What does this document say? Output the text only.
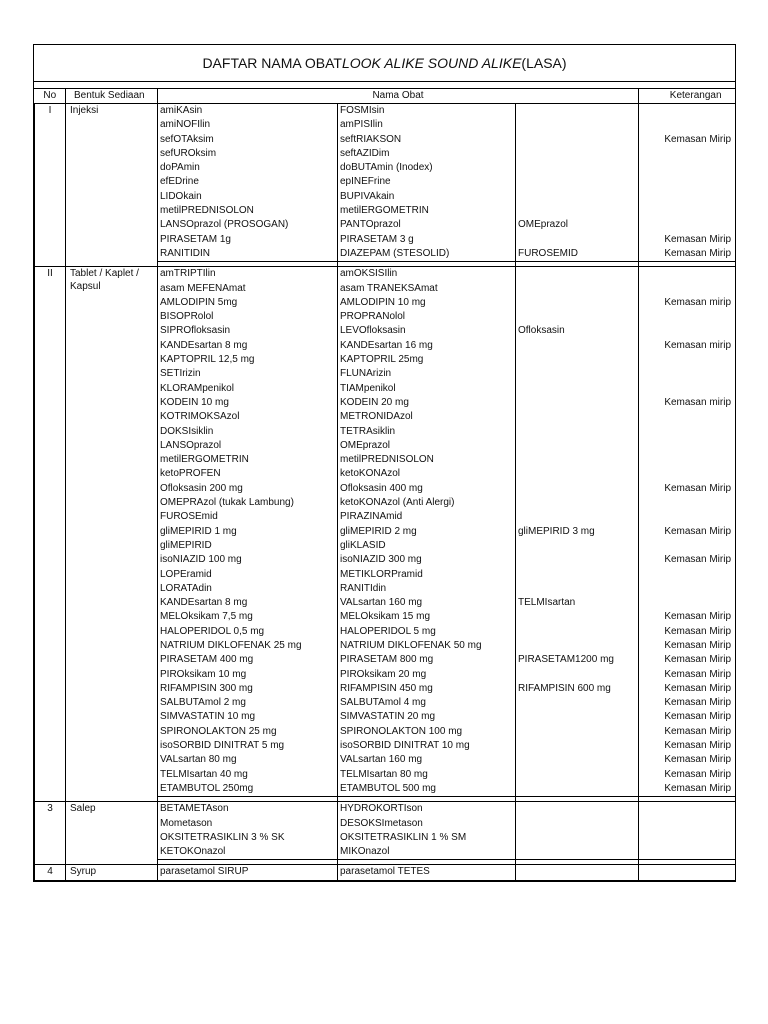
DAFTAR NAMA OBAT LOOK ALIKE SOUND ALIKE (LASA)
No	Bentuk Sediaan	Nama Obat			Keterangan
I	Injeksi	amiKAsin	FOSMIsin		
		amiNOFIlin	amPISIlin		
		sefOTAksim	seftRIAKSON		Kemasan Mirip
		sefUROksim	seftAZIDim		
		doPAmin	doBUTAmin (Inodex)		
		efEDrine	epINEFrine		
		LIDOkain	BUPIVAkain		
		metilPREDNISOLON	metilERGOMETRIN		
		LANSOprazol (PROSOGAN)	PANTOprazol	OMEprazol	
		PIRASETAM 1g	PIRASETAM 3 g		Kemasan Mirip
		RANITIDIN	DIAZEPAM (STESOLID)	FUROSEMID	Kemasan Mirip

II	Tablet / Kaplet / Kapsul	amTRIPTIlin	amOKSISIlin		
		asam MEFENAmat	asam TRANEKSAmat		
		AMLODIPIN 5mg	AMLODIPIN 10 mg		Kemasan mirip
		BISOPRolol	PROPRANolol		
		SIPROfloksasin	LEVOfloksasin	Ofloksasin	
		KANDEsartan 8 mg	KANDEsartan 16 mg		Kemasan mirip
		KAPTOPRIL 12,5 mg	KAPTOPRIL 25mg		
		SETIrizin	FLUNArizin		
		KLORAMpenikol	TIAMpenikol		
		KODEIN 10 mg	KODEIN 20 mg		Kemasan mirip
		KOTRIMOKSAzol	METRONIDAzol		
		DOKSIsiklin	TETRAsiklin		
		LANSOprazol	OMEprazol		
		metilERGOMETRIN	metilPREDNISOLON		
		ketoPROFEN	ketoKONAzol		
		Ofloksasin 200 mg	Ofloksasin 400 mg		Kemasan Mirip
		OMEPRAzol (tukak Lambung)	ketoKONAzol (Anti Alergi)		
		FUROSEmid	PIRAZINAmid		
		gliMEPIRID 1 mg	gliMEPIRID 2 mg	gliMEPIRID 3 mg	Kemasan Mirip
		gliMEPIRID	gliKLASID		
		isoNIAZID 100 mg	isoNIAZID 300 mg		Kemasan Mirip
		LOPEramid	METIKLORPramid		
		LORATAdin	RANITIdin		
		KANDEsartan 8 mg	VALsartan 160 mg	TELMIsartan	
		MELOksikam 7,5 mg	MELOksikam 15 mg		Kemasan Mirip
		HALOPERIDOL 0,5 mg	HALOPERIDOL 5 mg		Kemasan Mirip
		NATRIUM DIKLOFENAK 25 mg	NATRIUM DIKLOFENAK 50 mg		Kemasan Mirip
		PIRASETAM 400 mg	PIRASETAM 800 mg	PIRASETAM1200 mg	Kemasan Mirip
		PIROksikam 10 mg	PIROksikam 20 mg		Kemasan Mirip
		RIFAMPISIN 300 mg	RIFAMPISIN 450 mg	RIFAMPISIN 600 mg	Kemasan Mirip
		SALBUTAmol 2 mg	SALBUTAmol 4 mg		Kemasan Mirip
		SIMVASTATIN 10 mg	SIMVASTATIN 20 mg		Kemasan Mirip
		SPIRONOLAKTON 25 mg	SPIRONOLAKTON 100 mg		Kemasan Mirip
		isoSORBID DINITRAT 5 mg	isoSORBID DINITRAT 10 mg		Kemasan Mirip
		VALsartan 80 mg	VALsartan 160 mg		Kemasan Mirip
		TELMIsartan 40 mg	TELMIsartan 80 mg		Kemasan Mirip
		ETAMBUTOL 250mg	ETAMBUTOL 500 mg		Kemasan Mirip

3	Salep	BETAMETAson	HYDROKORTIson		
		Mometason	DESOKSImetason		
		OKSITETRASIKLIN 3 % SK	OKSITETRASIKLIN 1 % SM		
		KETOKOnazol	MIKOnazol		

4	Syrup	parasetamol SIRUP	parasetamol TETES		
